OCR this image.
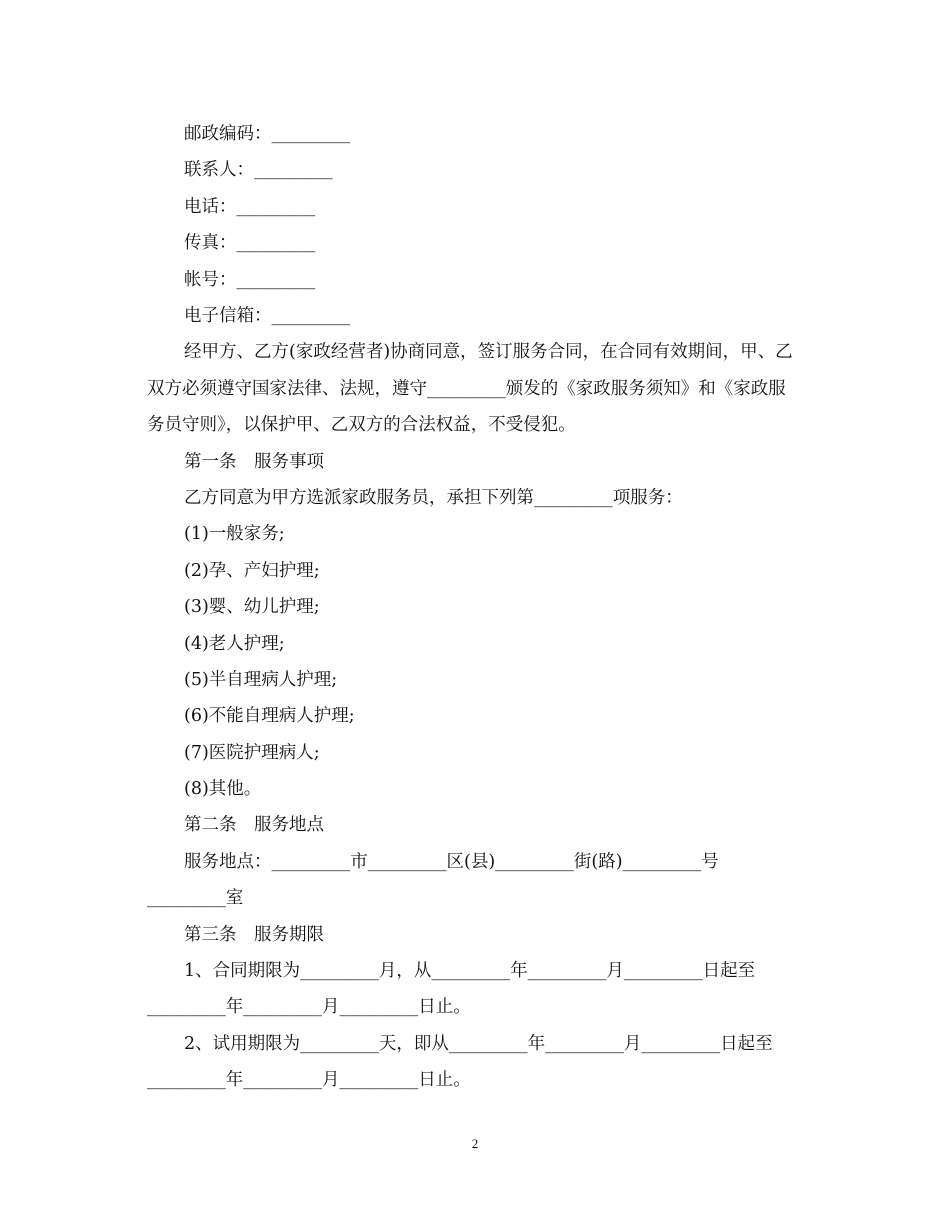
邮政编码：_________
联系人：_________
电话：_________
传真：_________
帐号：_________
电子信箱：_________
经甲方、乙方(家政经营者)协商同意，签订服务合同，在合同有效期间，甲、乙双方必须遵守国家法律、法规，遵守_________颁发的《家政服务须知》和《家政服务员守则》，以保护甲、乙双方的合法权益，不受侵犯。
第一条　服务事项
乙方同意为甲方选派家政服务员，承担下列第_________项服务：
(1)一般家务;
(2)孕、产妇护理;
(3)婴、幼儿护理;
(4)老人护理;
(5)半自理病人护理;
(6)不能自理病人护理;
(7)医院护理病人;
(8)其他。
第二条　服务地点
服务地点：_________市_________区(县)_________街(路)_________号_________室
第三条　服务期限
1、合同期限为_________月，从_________年_________月_________日起至_________年_________月_________日止。
2、试用期限为_________天，即从_________年_________月_________日起至_________年_________月_________日止。
2
